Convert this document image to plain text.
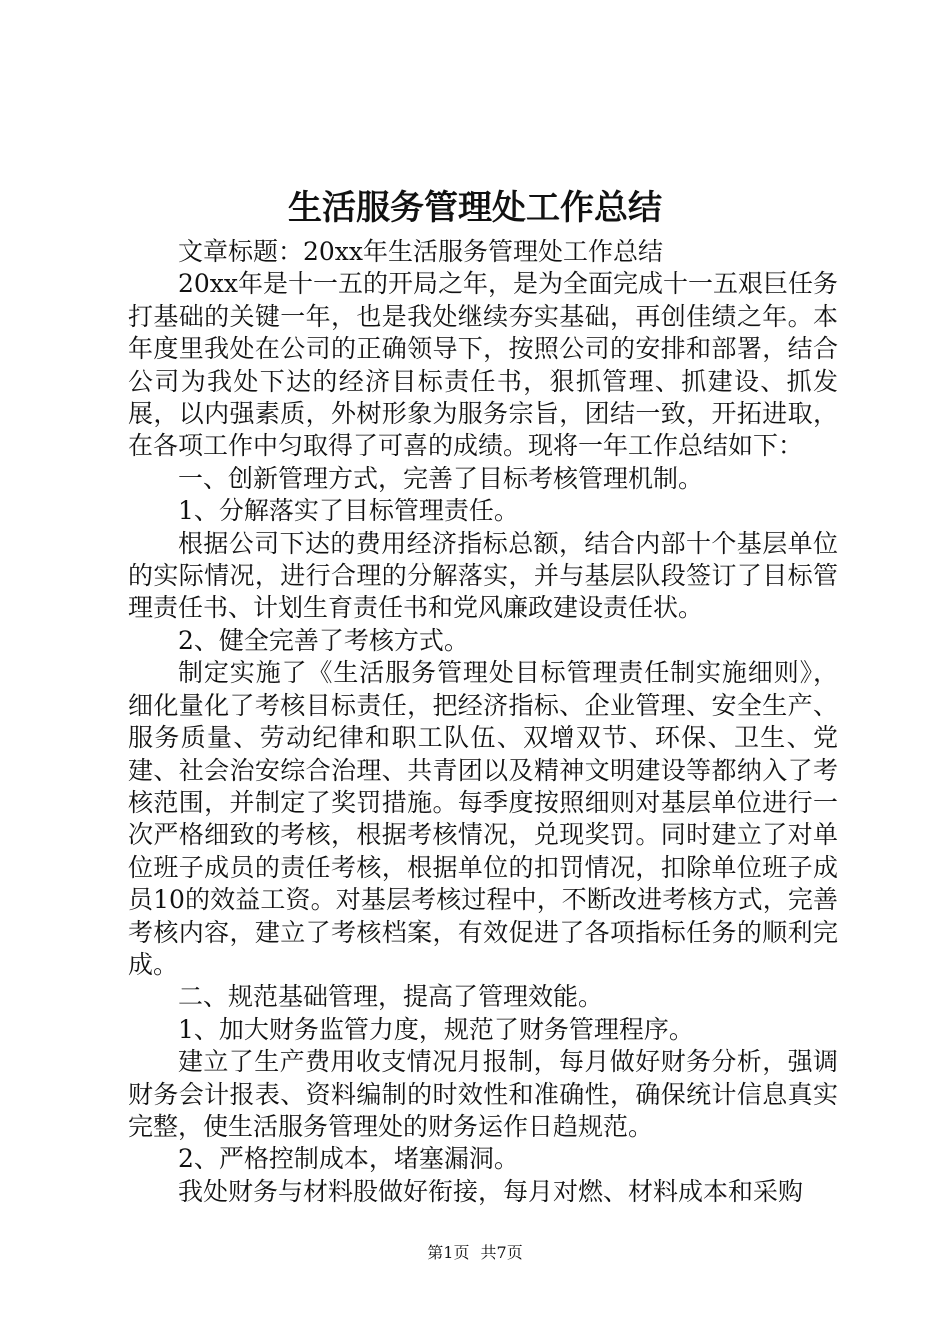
生活服务管理处工作总结

文章标题：20xx年生活服务管理处工作总结

20xx年是十一五的开局之年，是为全面完成十一五艰巨任务打基础的关键一年，也是我处继续夯实基础，再创佳绩之年。本年度里我处在公司的正确领导下，按照公司的安排和部署，结合公司为我处下达的经济目标责任书，狠抓管理、抓建设、抓发展，以内强素质，外树形象为服务宗旨，团结一致，开拓进取，在各项工作中匀取得了可喜的成绩。现将一年工作总结如下：

一、创新管理方式，完善了目标考核管理机制。

1、分解落实了目标管理责任。

根据公司下达的费用经济指标总额，结合内部十个基层单位的实际情况，进行合理的分解落实，并与基层队段签订了目标管理责任书、计划生育责任书和党风廉政建设责任状。

2、健全完善了考核方式。

制定实施了《生活服务管理处目标管理责任制实施细则》，细化量化了考核目标责任，把经济指标、企业管理、安全生产、服务质量、劳动纪律和职工队伍、双增双节、环保、卫生、党建、社会治安综合治理、共青团以及精神文明建设等都纳入了考核范围，并制定了奖罚措施。每季度按照细则对基层单位进行一次严格细致的考核，根据考核情况，兑现奖罚。同时建立了对单位班子成员的责任考核，根据单位的扣罚情况，扣除单位班子成员10的效益工资。对基层考核过程中，不断改进考核方式，完善考核内容，建立了考核档案，有效促进了各项指标任务的顺利完成。

二、规范基础管理，提高了管理效能。

1、加大财务监管力度，规范了财务管理程序。

建立了生产费用收支情况月报制，每月做好财务分析，强调财务会计报表、资料编制的时效性和准确性，确保统计信息真实完整，使生活服务管理处的财务运作日趋规范。

2、严格控制成本，堵塞漏洞。

我处财务与材料股做好衔接，每月对燃、材料成本和采购

第1页 共7页
